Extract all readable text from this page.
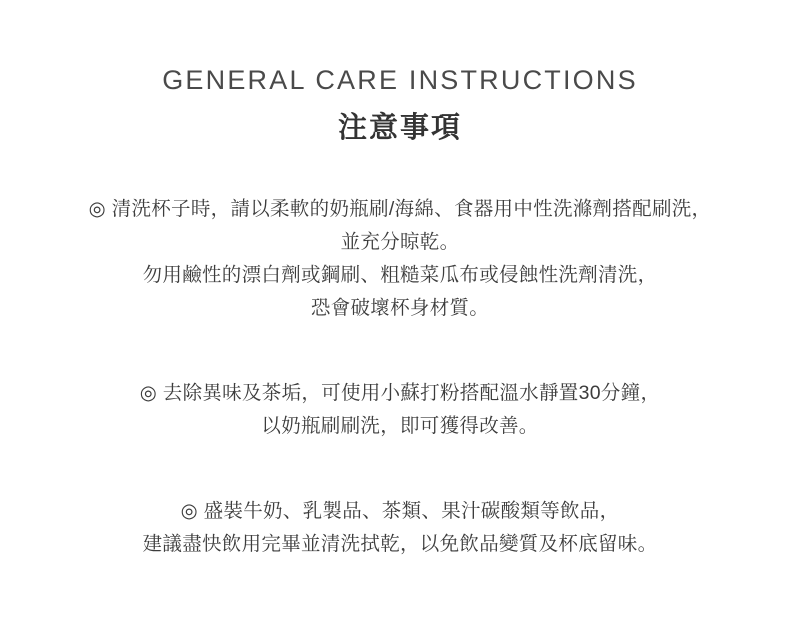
GENERAL CARE INSTRUCTIONS
注意事項
◎ 清洗杯子時，請以柔軟的奶瓶刷/海綿、食器用中性洗滌劑搭配刷洗，
並充分晾乾。
勿用鹼性的漂白劑或鋼刷、粗糙菜瓜布或侵蝕性洗劑清洗，
恐會破壞杯身材質。
◎ 去除異味及茶垢，可使用小蘇打粉搭配溫水靜置30分鐘，
以奶瓶刷刷洗，即可獲得改善。
◎ 盛裝牛奶、乳製品、茶類、果汁碳酸類等飲品，
建議盡快飲用完畢並清洗拭乾，以免飲品變質及杯底留味。
